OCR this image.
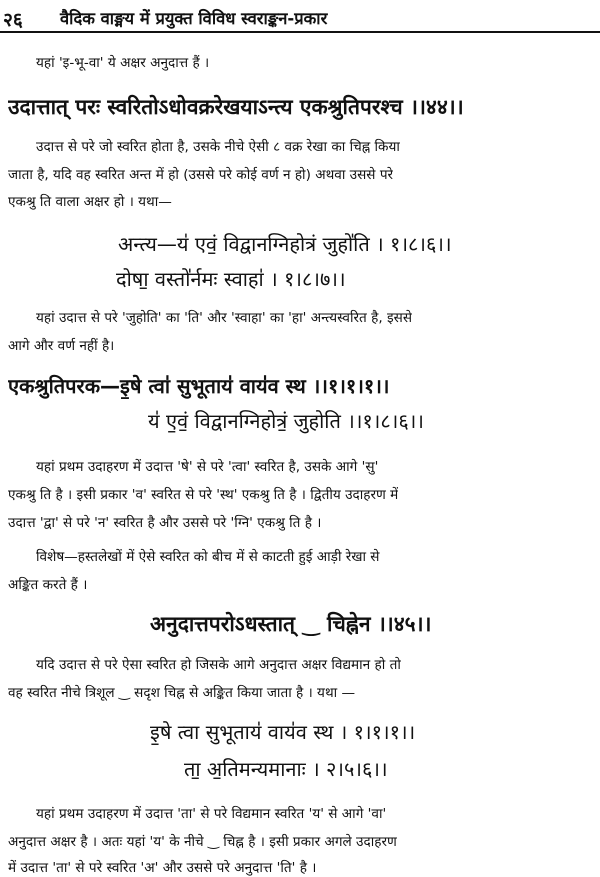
२६ वैदिक वाङ्मय में प्रयुक्त विविध स्वराङ्कन-प्रकार
यहां 'इ-भू-वा' ये अक्षर अनुदात्त हैं ।
उदात्तात् परः स्वरितोऽधोवक्ररेखयाऽन्त्य एकश्रुतिपरश्च ।।४४।।
उदात्त से परे जो स्वरित होता है, उसके नीचे ऐसी ८ वक्र रेखा का चिह्न किया
जाता है, यदि वह स्वरित अन्त में हो (उससे परे कोई वर्ण न हो) अथवा उससे परे
एकश्रु ति वाला अक्षर हो । यथा—
अन्त्य—य॑ एवं॒ विद्वानग्निहोत्रं जुहो॑ति । १।८।६।।
दोषा॒ वस्तो॑र्नमः स्वाहा॑ । १।८।७।।
यहां उदात्त से परे 'जुहोति' का 'ति' और 'स्वाहा' का 'हा' अन्त्यस्वरित है, इससे
आगे और वर्ण नहीं है।
एकश्रुतिपरक—इ॒षे त्वा॑ सुभूताय॑ वाय॑व स्थ ।।१।१।१।।
य॑ ए॒वं॒ विद्वानग्निहोत्रं॒ जु॒होति ।।१।८।६।।
यहां प्रथम उदाहरण में उदात्त 'षे' से परे 'त्वा' स्वरित है, उसके आगे 'सु'
एकश्रु ति है । इसी प्रकार 'व' स्वरित से परे 'स्थ' एकश्रु ति है । द्वितीय उदाहरण में
उदात्त 'द्वा' से परे 'न' स्वरित है और उससे परे 'ग्नि' एकश्रु ति है ।
विशेष—हस्तलेखों में ऐसे स्वरित को बीच में से काटती हुई आड़ी रेखा से
अङ्कित करते हैं ।
अनुदात्तपरोऽधस्तात् ‿ चिह्नेन ।।४५।।
यदि उदात्त से परे ऐसा स्वरित हो जिसके आगे अनुदात्त अक्षर विद्यमान हो तो
वह स्वरित नीचे त्रिशूल ‿ सदृश चिह्न से अङ्कित किया जाता है । यथा —
इ॒षे त्वा सुभूताय॑ वाय॑व स्थ । १।१।१।।
ता॒ अ॒तिमन्यमानाः । २।५।६।।
यहां प्रथम उदाहरण में उदात्त 'ता' से परे विद्यमान स्वरित 'य' से आगे 'वा'
अनुदात्त अक्षर है । अतः यहां 'य' के नीचे ‿ चिह्न है । इसी प्रकार अगले उदाहरण
में उदात्त 'ता' से परे स्वरित 'अ' और उससे परे अनुदात्त 'ति' है ।
